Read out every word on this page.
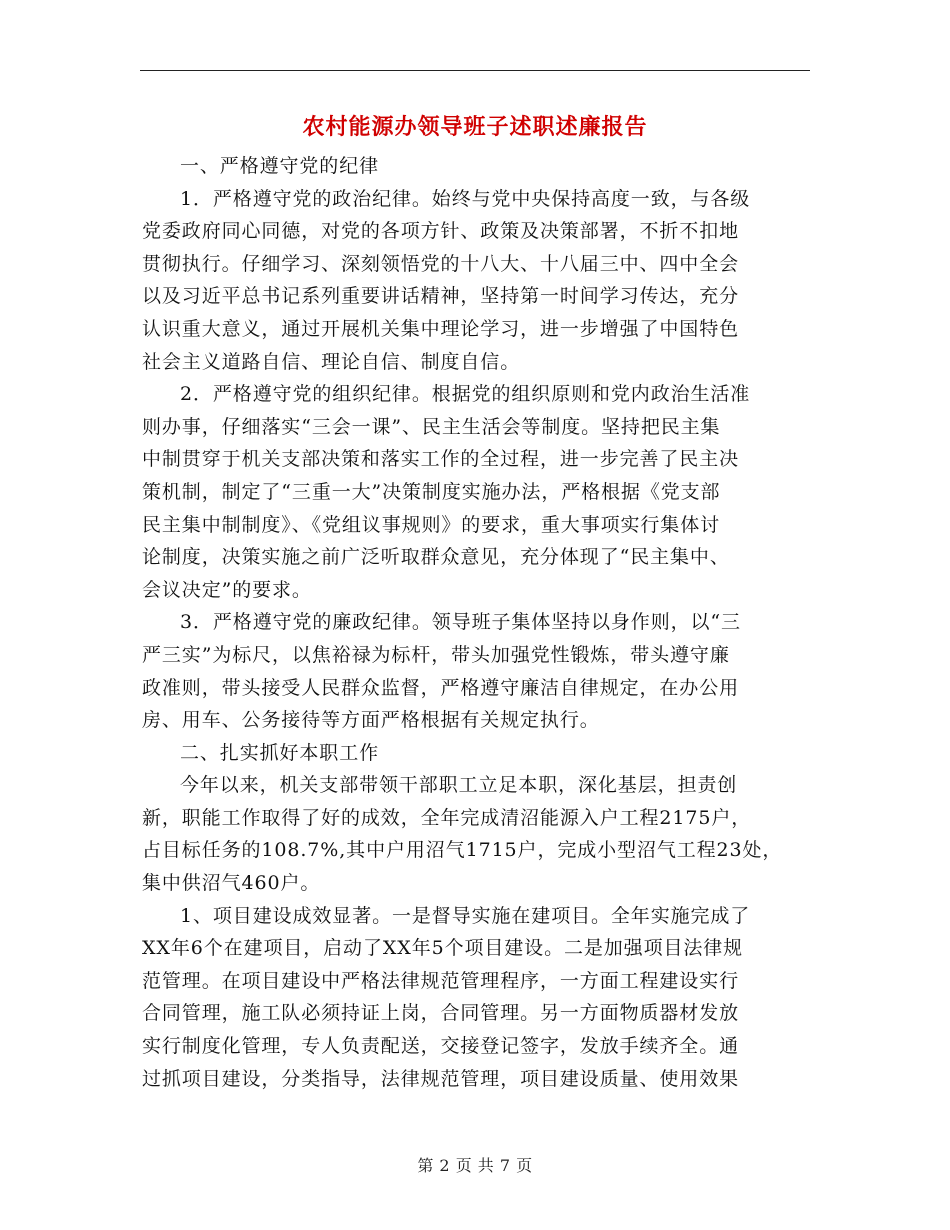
农村能源办领导班子述职述廉报告
一、严格遵守党的纪律
1．严格遵守党的政治纪律。始终与党中央保持高度一致，与各级
党委政府同心同德，对党的各项方针、政策及决策部署，不折不扣地
贯彻执行。仔细学习、深刻领悟党的十八大、十八届三中、四中全会
以及习近平总书记系列重要讲话精神，坚持第一时间学习传达，充分
认识重大意义，通过开展机关集中理论学习，进一步增强了中国特色
社会主义道路自信、理论自信、制度自信。
2．严格遵守党的组织纪律。根据党的组织原则和党内政治生活准
则办事，仔细落实“三会一课”、民主生活会等制度。坚持把民主集
中制贯穿于机关支部决策和落实工作的全过程，进一步完善了民主决
策机制，制定了“三重一大”决策制度实施办法，严格根据《党支部
民主集中制制度》、《党组议事规则》的要求，重大事项实行集体讨
论制度，决策实施之前广泛听取群众意见，充分体现了“民主集中、
会议决定”的要求。
3．严格遵守党的廉政纪律。领导班子集体坚持以身作则，以“三
严三实”为标尺，以焦裕禄为标杆，带头加强党性锻炼，带头遵守廉
政准则，带头接受人民群众监督，严格遵守廉洁自律规定，在办公用
房、用车、公务接待等方面严格根据有关规定执行。
二、扎实抓好本职工作
今年以来，机关支部带领干部职工立足本职，深化基层，担责创
新，职能工作取得了好的成效，全年完成清沼能源入户工程2175户，
占目标任务的108.7%,其中户用沼气1715户，完成小型沼气工程23处，
集中供沼气460户。
1、项目建设成效显著。一是督导实施在建项目。全年实施完成了
XX年6个在建项目，启动了XX年5个项目建设。二是加强项目法律规
范管理。在项目建设中严格法律规范管理程序，一方面工程建设实行
合同管理，施工队必须持证上岗，合同管理。另一方面物质器材发放
实行制度化管理，专人负责配送，交接登记签字，发放手续齐全。通
过抓项目建设，分类指导，法律规范管理，项目建设质量、使用效果
第 2 页 共 7 页
